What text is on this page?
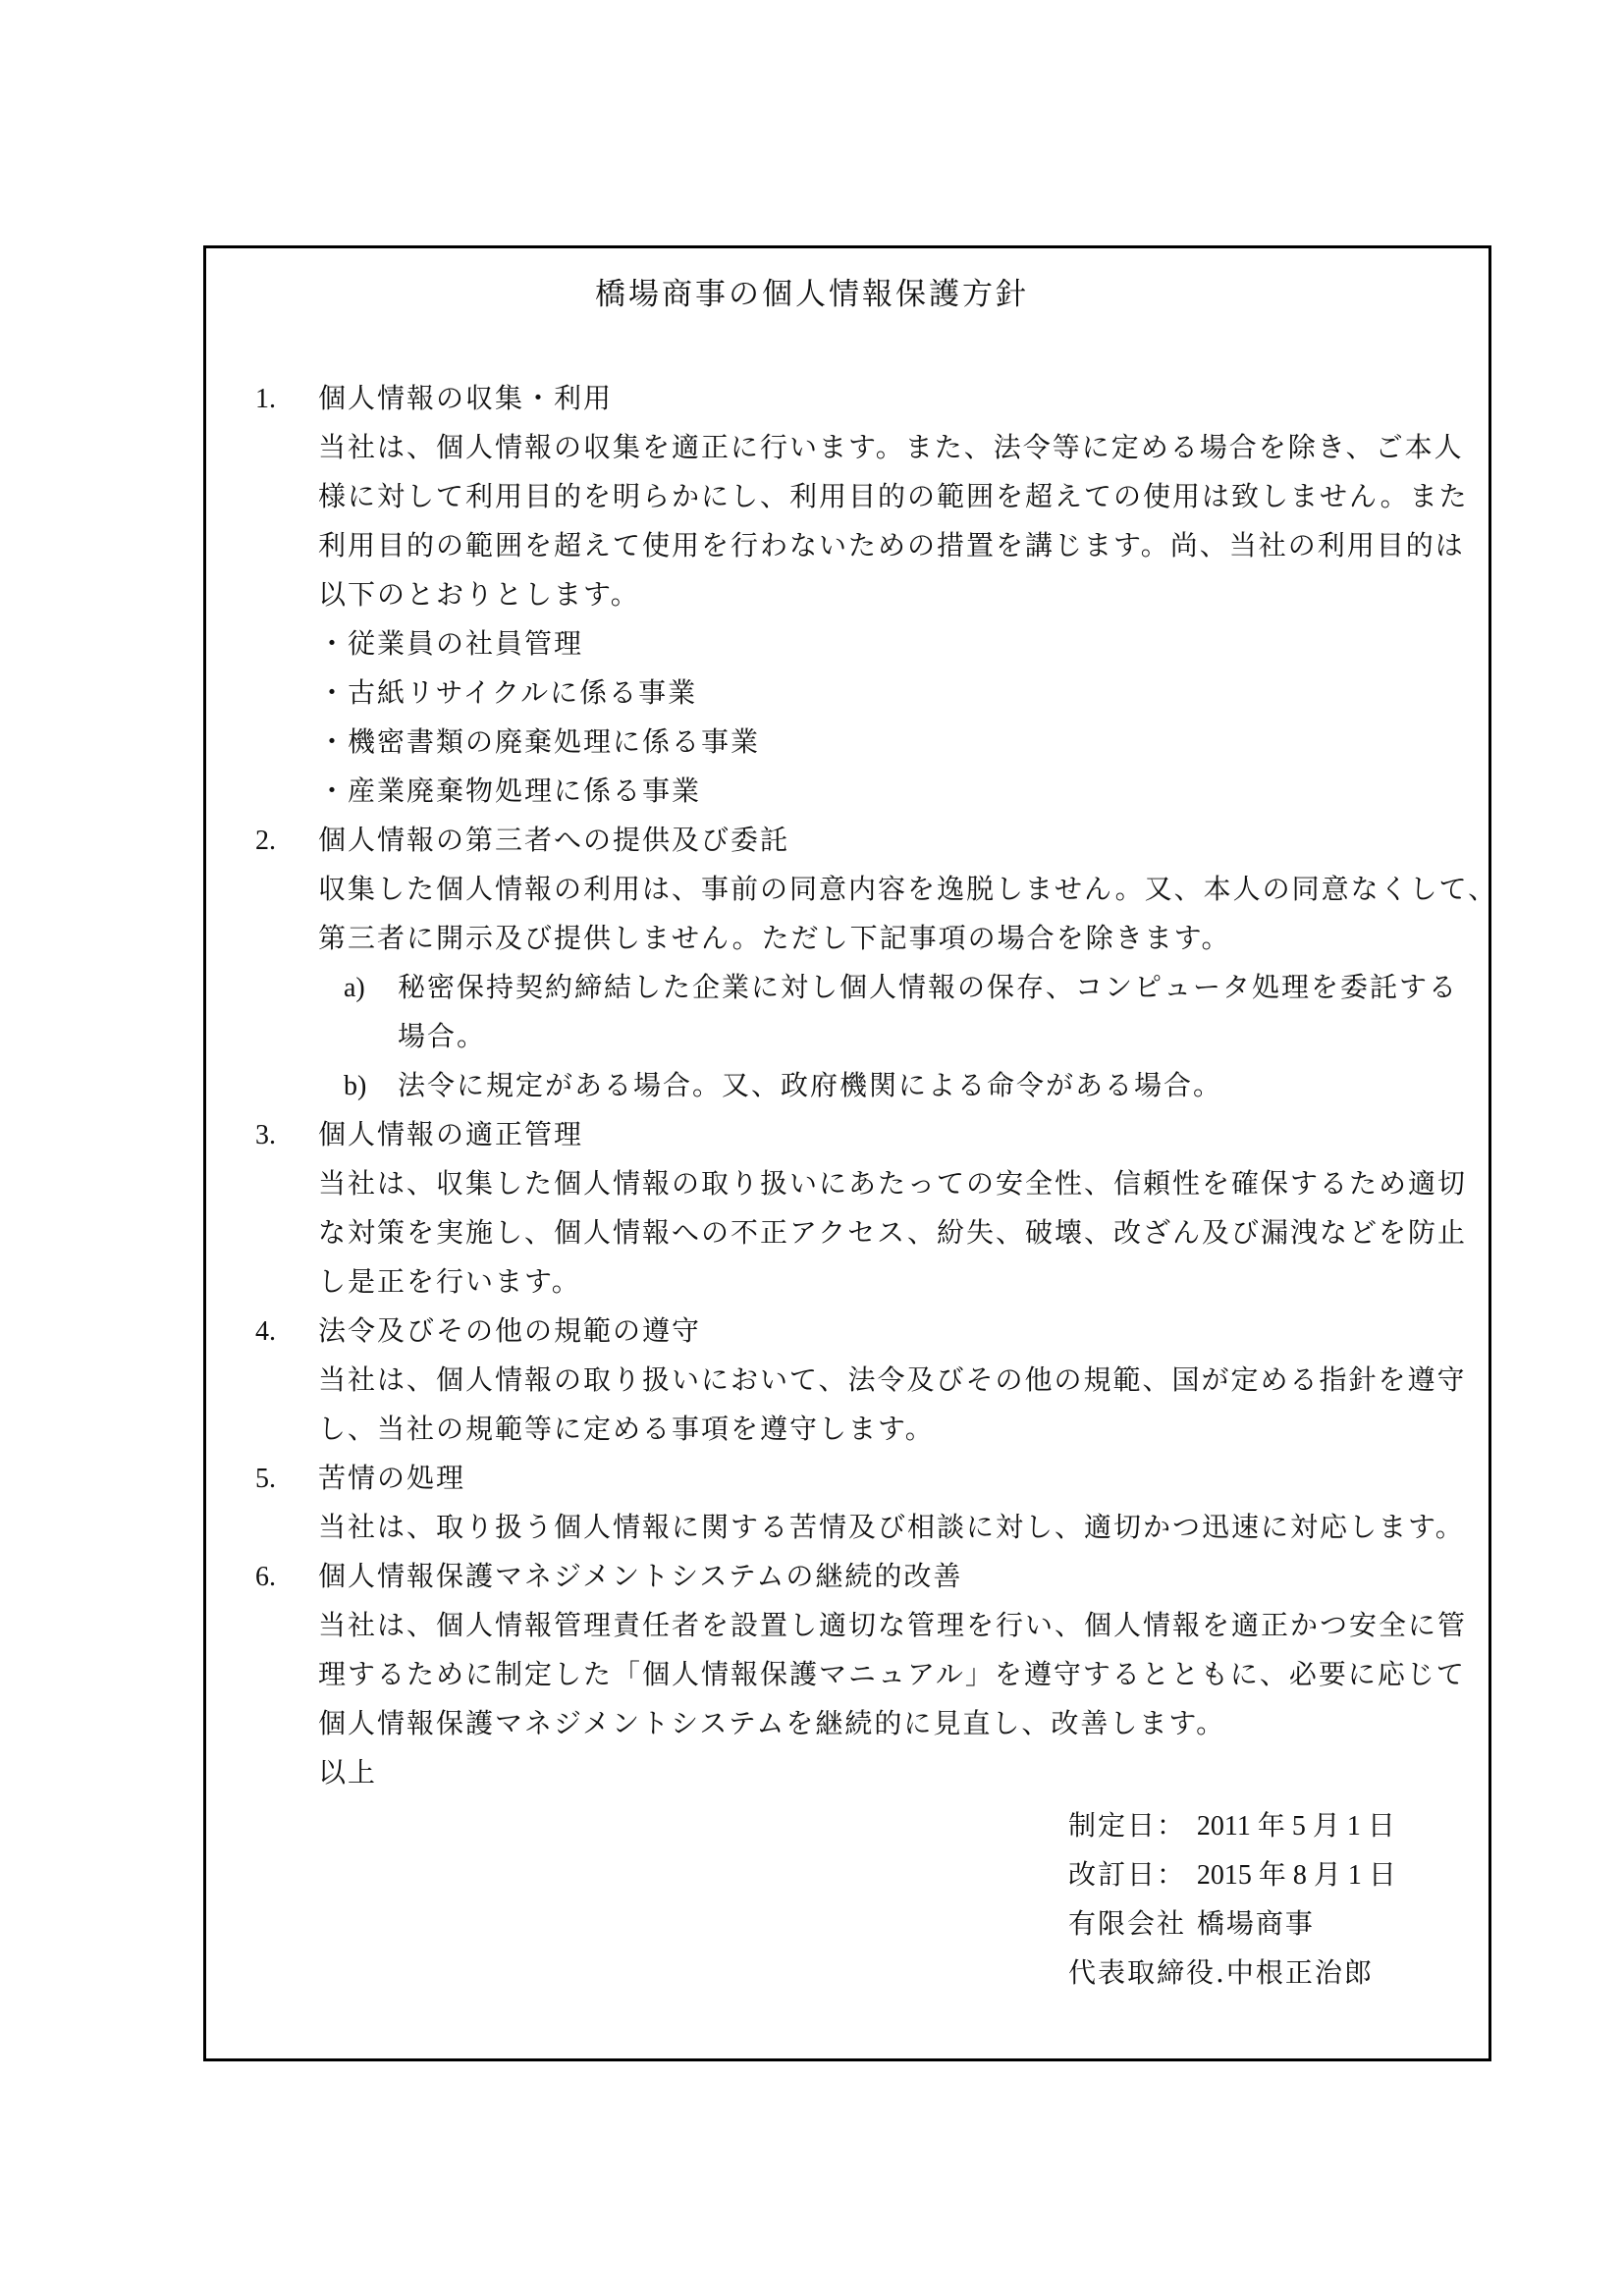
橋場商事の個人情報保護方針
1. 個人情報の収集・利用
当社は、個人情報の収集を適正に行います。また、法令等に定める場合を除き、ご本人
様に対して利用目的を明らかにし、利用目的の範囲を超えての使用は致しません。また
利用目的の範囲を超えて使用を行わないための措置を講じます。尚、当社の利用目的は
以下のとおりとします。
・従業員の社員管理
・古紙リサイクルに係る事業
・機密書類の廃棄処理に係る事業
・産業廃棄物処理に係る事業
2. 個人情報の第三者への提供及び委託
収集した個人情報の利用は、事前の同意内容を逸脱しません。又、本人の同意なくして、
第三者に開示及び提供しません。ただし下記事項の場合を除きます。
a) 秘密保持契約締結した企業に対し個人情報の保存、コンピュータ処理を委託する
場合。
b) 法令に規定がある場合。又、政府機関による命令がある場合。
3. 個人情報の適正管理
当社は、収集した個人情報の取り扱いにあたっての安全性、信頼性を確保するため適切
な対策を実施し、個人情報への不正アクセス、紛失、破壊、改ざん及び漏洩などを防止
し是正を行います。
4. 法令及びその他の規範の遵守
当社は、個人情報の取り扱いにおいて、法令及びその他の規範、国が定める指針を遵守
し、当社の規範等に定める事項を遵守します。
5. 苦情の処理
当社は、取り扱う個人情報に関する苦情及び相談に対し、適切かつ迅速に対応します。
6. 個人情報保護マネジメントシステムの継続的改善
当社は、個人情報管理責任者を設置し適切な管理を行い、個人情報を適正かつ安全に管
理するために制定した「個人情報保護マニュアル」を遵守するとともに、必要に応じて
個人情報保護マネジメントシステムを継続的に見直し、改善します。
以上
制定日： 2011 年 5 月 1 日
改訂日： 2015 年 8 月 1 日
有限会社 橋場商事
代表取締役.中根正治郎
